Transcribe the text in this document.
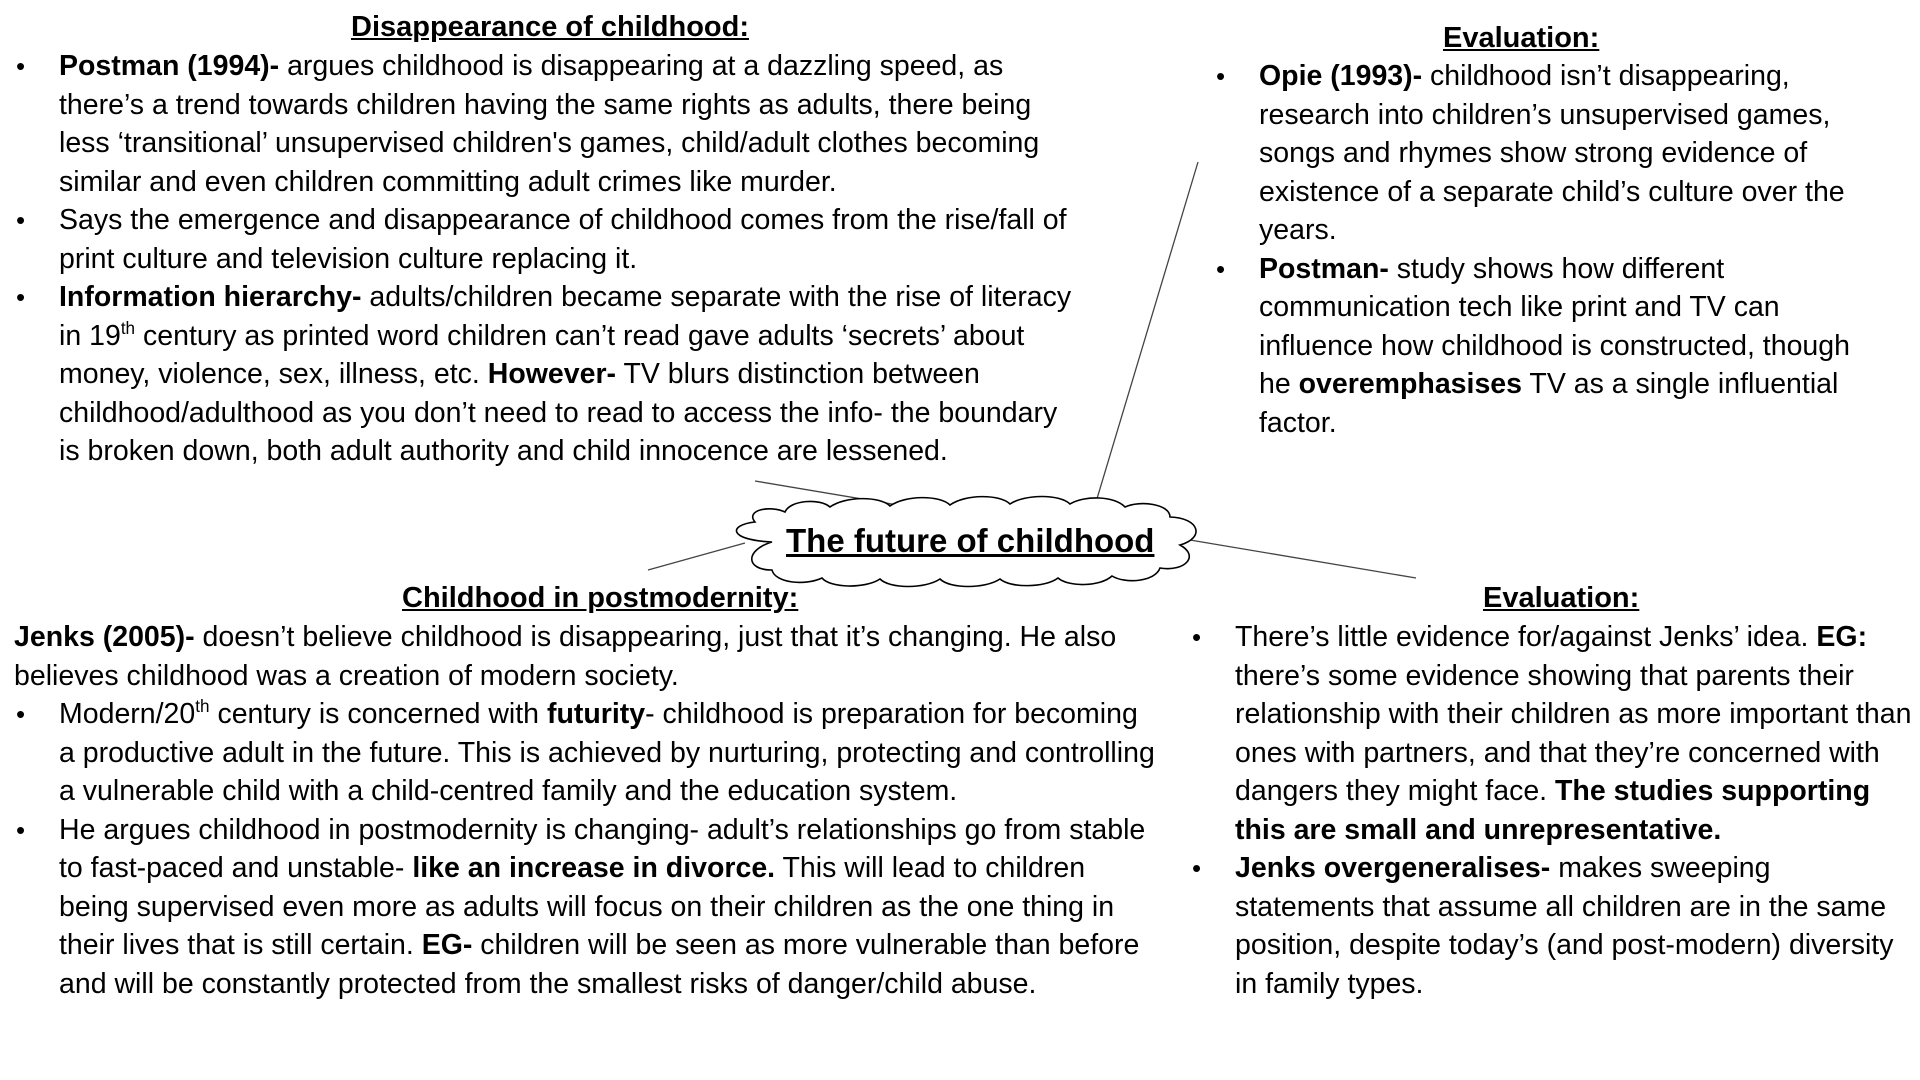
The future of childhood
Disappearance of childhood:
• Postman (1994)- argues childhood is disappearing at a dazzling speed, as there’s a trend towards children having the same rights as adults, there being less ‘transitional’ unsupervised children's games, child/adult clothes becoming similar and even children committing adult crimes like murder.
• Says the emergence and disappearance of childhood comes from the rise/fall of print culture and television culture replacing it.
• Information hierarchy- adults/children became separate with the rise of literacy in 19th century as printed word children can’t read gave adults ‘secrets’ about money, violence, sex, illness, etc. However- TV blurs distinction between childhood/adulthood as you don’t need to read to access the info- the boundary is broken down, both adult authority and child innocence are lessened.
Evaluation:
• Opie (1993)- childhood isn’t disappearing, research into children’s unsupervised games, songs and rhymes show strong evidence of existence of a separate child’s culture over the years.
• Postman- study shows how different communication tech like print and TV can influence how childhood is constructed, though he overemphasises TV as a single influential factor.
Childhood in postmodernity:

Jenks (2005)- doesn’t believe childhood is disappearing, just that it’s changing. He also believes childhood was a creation of modern society.

• Modern/20th century is concerned with futurity- childhood is preparation for becoming a productive adult in the future. This is achieved by nurturing, protecting and controlling a vulnerable child with a child-centred family and the education system.
• He argues childhood in postmodernity is changing- adult’s relationships go from stable to fast-paced and unstable- like an increase in divorce. This will lead to children being supervised even more as adults will focus on their children as the one thing in their lives that is still certain. EG- children will be seen as more vulnerable than before and will be constantly protected from the smallest risks of danger/child abuse.
Evaluation:
• There’s little evidence for/against Jenks’ idea. EG: there’s some evidence showing that parents their relationship with their children as more important than ones with partners, and that they’re concerned with dangers they might face. The studies supporting this are small and unrepresentative.
• Jenks overgeneralises- makes sweeping statements that assume all children are in the same position, despite today’s (and post-modern) diversity in family types.
